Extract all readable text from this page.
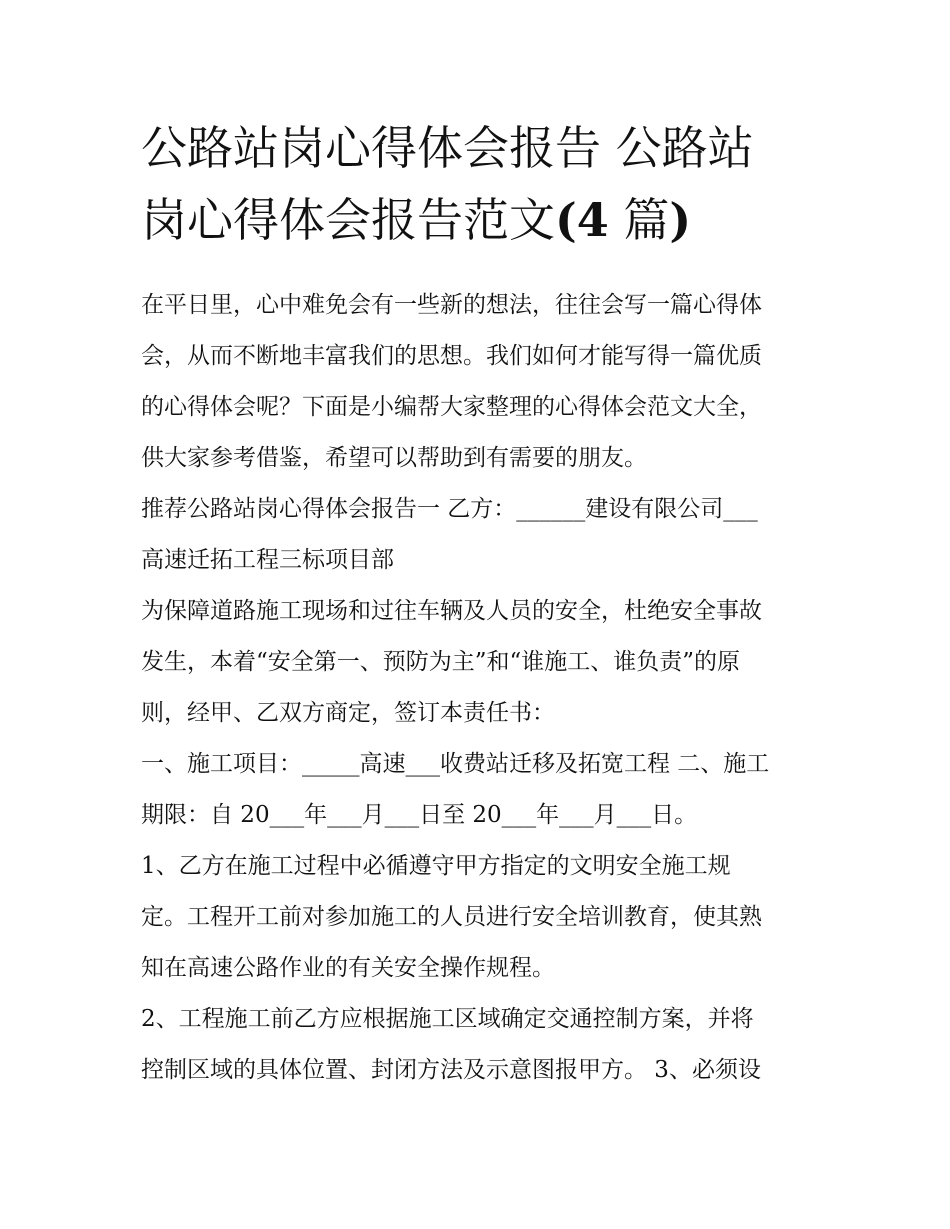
公路站岗心得体会报告 公路站
岗心得体会报告范文(4 篇)

在平日里，心中难免会有一些新的想法，往往会写一篇心得体
会，从而不断地丰富我们的思想。我们如何才能写得一篇优质
的心得体会呢？下面是小编帮大家整理的心得体会范文大全，
供大家参考借鉴，希望可以帮助到有需要的朋友。

推荐公路站岗心得体会报告一 乙方：______建设有限公司___
高速迁拓工程三标项目部

为保障道路施工现场和过往车辆及人员的安全，杜绝安全事故
发生，本着“安全第一、预防为主”和“谁施工、谁负责”的原
则，经甲、乙双方商定，签订本责任书：

一、施工项目：_____高速___收费站迁移及拓宽工程 二、施工
期限：自 20___年___月___日至 20___年___月___日。

1、乙方在施工过程中必循遵守甲方指定的文明安全施工规
定。工程开工前对参加施工的人员进行安全培训教育，使其熟
知在高速公路作业的有关安全操作规程。

2、工程施工前乙方应根据施工区域确定交通控制方案，并将
控制区域的具体位置、封闭方法及示意图报甲方。 3、必须设
